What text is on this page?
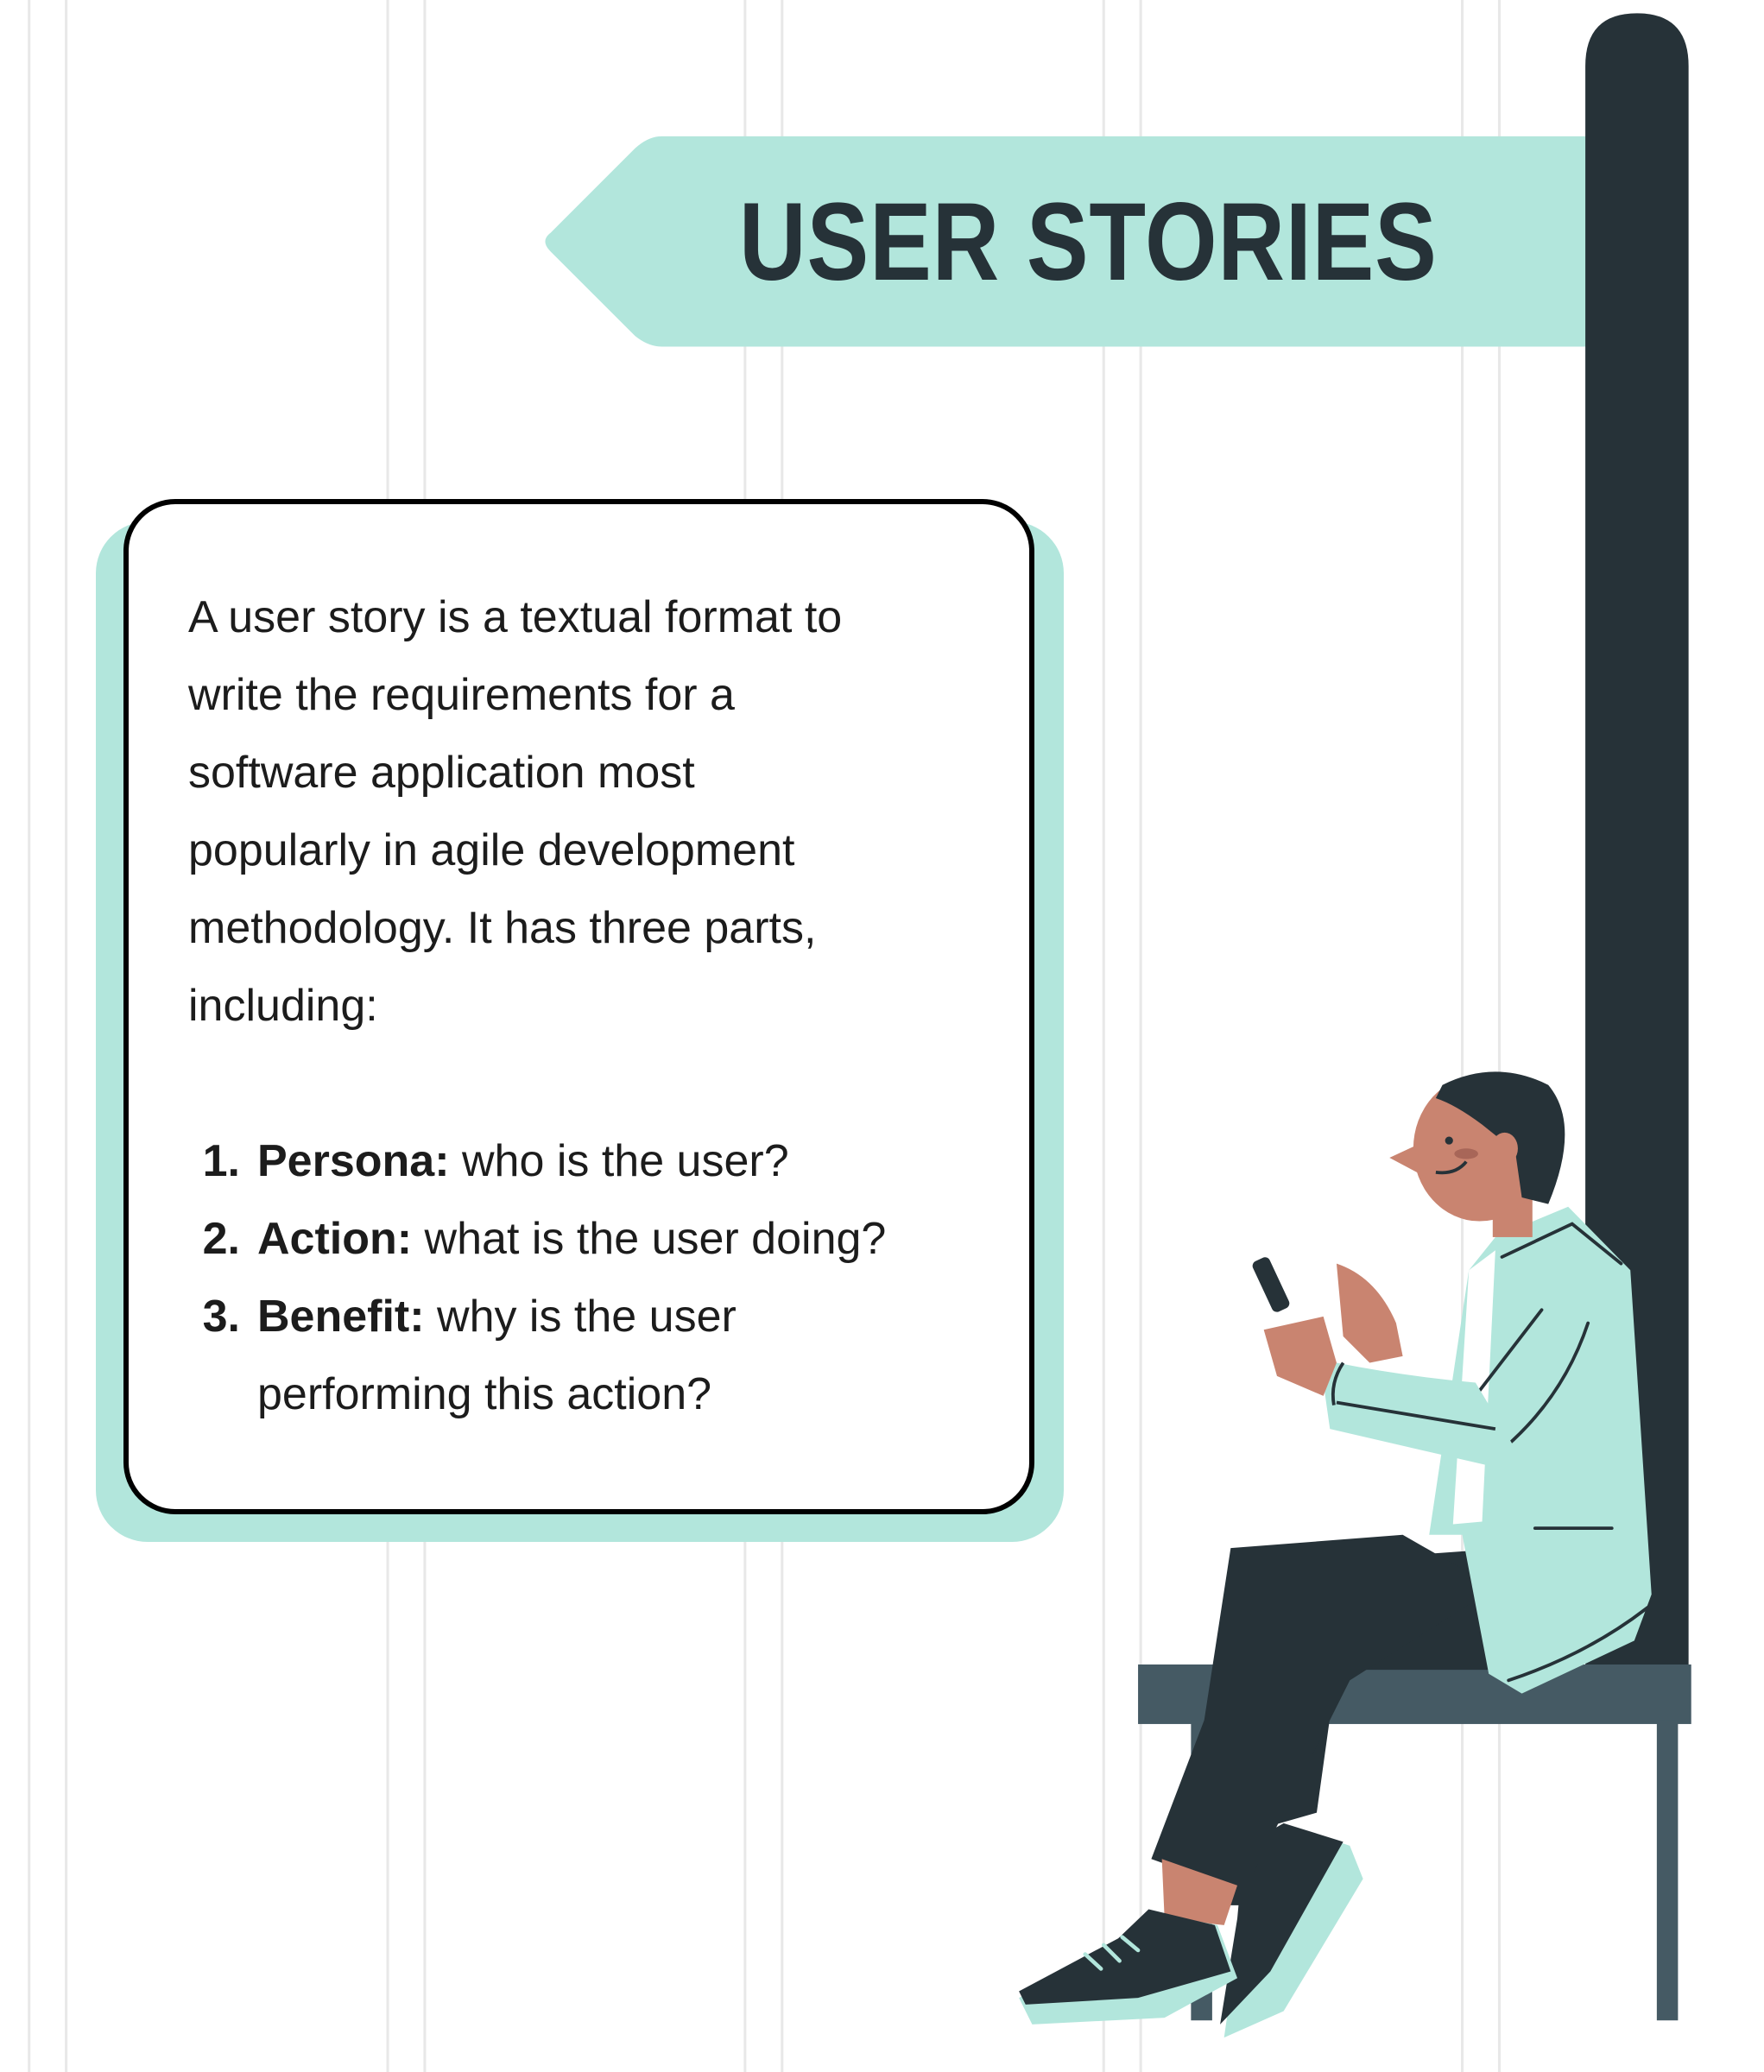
USER STORIES
A user story is a textual format to
write the requirements for a
software application most
popularly in agile development
methodology. It has three parts,
including:
1. Persona: who is the user?
2. Action: what is the user doing?
3. Benefit: why is the user
performing this action?
